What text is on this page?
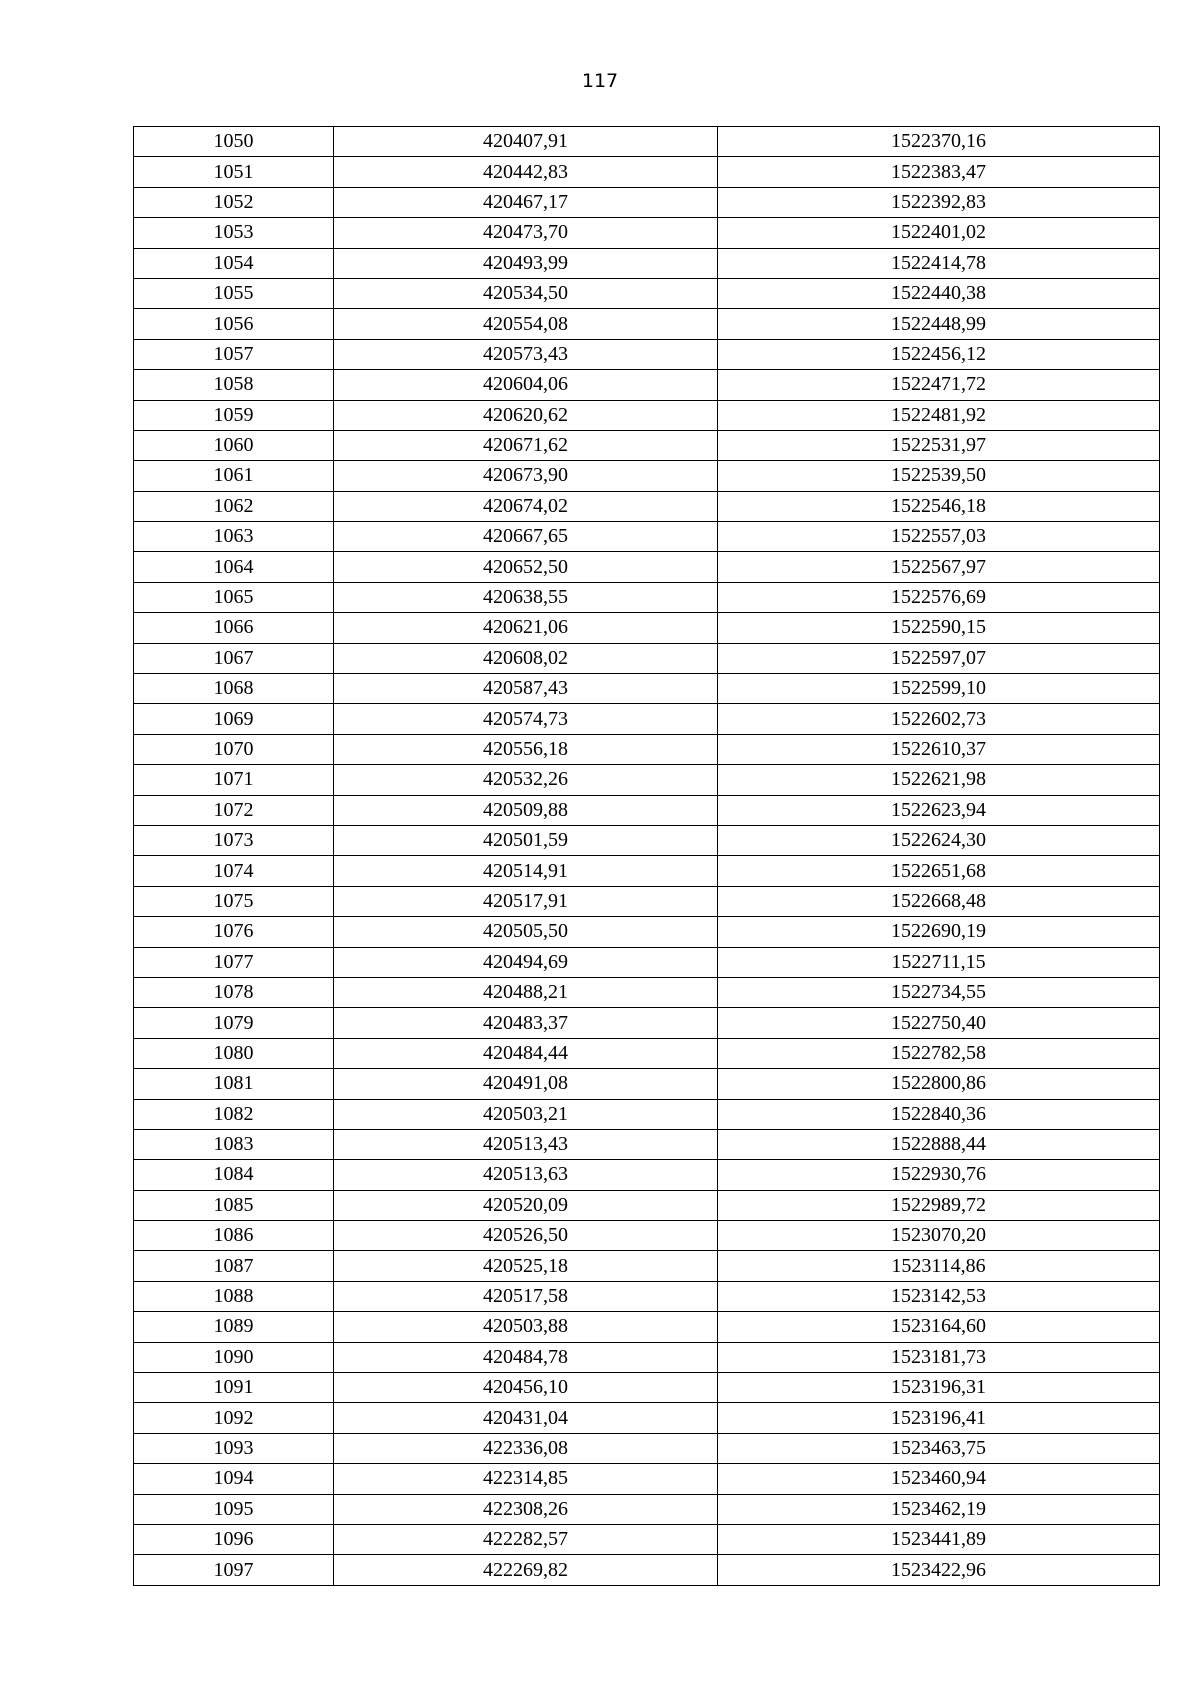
117
1050	420407,91	1522370,16
1051	420442,83	1522383,47
1052	420467,17	1522392,83
1053	420473,70	1522401,02
1054	420493,99	1522414,78
1055	420534,50	1522440,38
1056	420554,08	1522448,99
1057	420573,43	1522456,12
1058	420604,06	1522471,72
1059	420620,62	1522481,92
1060	420671,62	1522531,97
1061	420673,90	1522539,50
1062	420674,02	1522546,18
1063	420667,65	1522557,03
1064	420652,50	1522567,97
1065	420638,55	1522576,69
1066	420621,06	1522590,15
1067	420608,02	1522597,07
1068	420587,43	1522599,10
1069	420574,73	1522602,73
1070	420556,18	1522610,37
1071	420532,26	1522621,98
1072	420509,88	1522623,94
1073	420501,59	1522624,30
1074	420514,91	1522651,68
1075	420517,91	1522668,48
1076	420505,50	1522690,19
1077	420494,69	1522711,15
1078	420488,21	1522734,55
1079	420483,37	1522750,40
1080	420484,44	1522782,58
1081	420491,08	1522800,86
1082	420503,21	1522840,36
1083	420513,43	1522888,44
1084	420513,63	1522930,76
1085	420520,09	1522989,72
1086	420526,50	1523070,20
1087	420525,18	1523114,86
1088	420517,58	1523142,53
1089	420503,88	1523164,60
1090	420484,78	1523181,73
1091	420456,10	1523196,31
1092	420431,04	1523196,41
1093	422336,08	1523463,75
1094	422314,85	1523460,94
1095	422308,26	1523462,19
1096	422282,57	1523441,89
1097	422269,82	1523422,96
